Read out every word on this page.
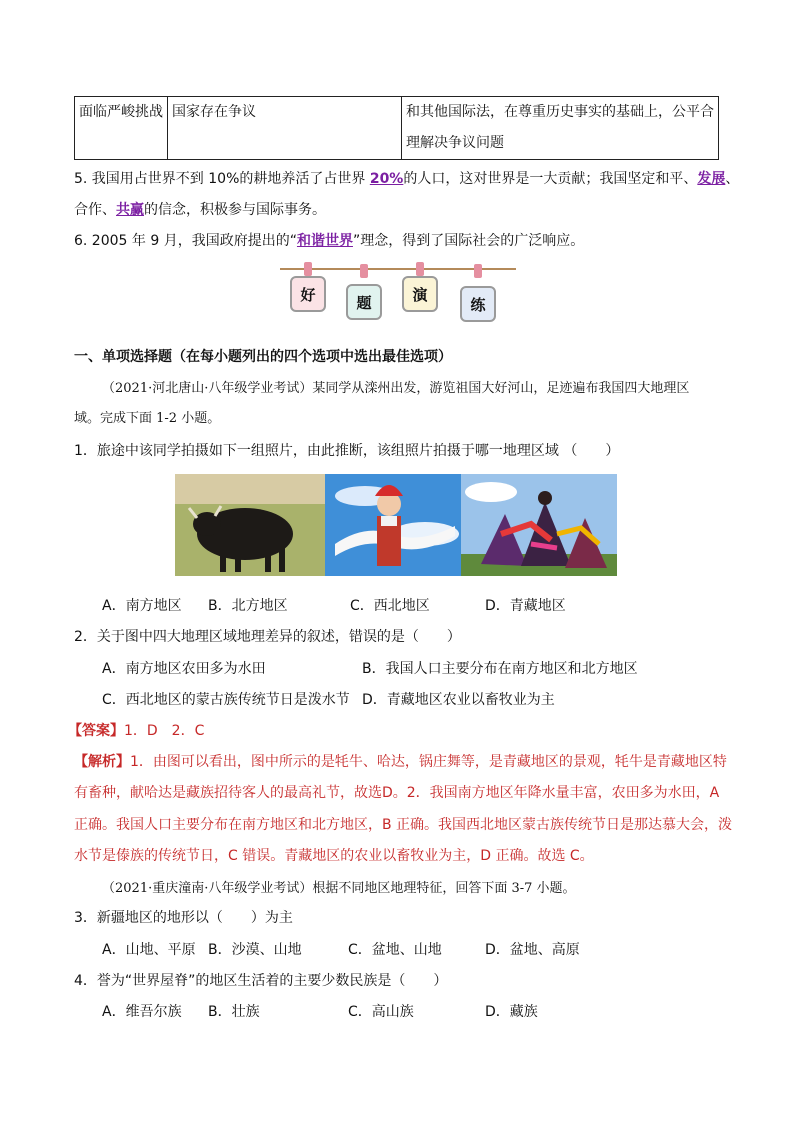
面临严峻挑战	国家存在争议	和其他国际法，在尊重历史事实的基础上，公平合
理解决争议问题
5. 我国用占世界不到 10%的耕地养活了占世界 20%的人口，这对世界是一大贡献；我国坚定和平、发展、
合作、共赢的信念，积极参与国际事务。
6. 2005 年 9 月，我国政府提出的“和谐世界”理念，得到了国际社会的广泛响应。
好	题	演
练
一、单项选择题（在每小题列出的四个选项中选出最佳选项）
（2021·河北唐山·八年级学业考试）某同学从滦州出发，游览祖国大好河山，足迹遍布我国四大地理区
域。完成下面 1-2 小题。
1．旅途中该同学拍摄如下一组照片，由此推断，该组照片拍摄于哪一地理区域 （　　）
A．南方地区 B．北方地区	C．西北地区	D．青藏地区
2．关于图中四大地理区域地理差异的叙述，错误的是（　　）
A．南方地区农田多为水田	B．我国人口主要分布在南方地区和北方地区
C．西北地区的蒙古族传统节日是泼水节 D．青藏地区农业以畜牧业为主
【答案】1．D　2．C
【解析】1．由图可以看出，图中所示的是牦牛、哈达，锅庄舞等，是青藏地区的景观，牦牛是青藏地区特
有畜种，献哈达是藏族招待客人的最高礼节，故选D。2．我国南方地区年降水量丰富，农田多为水田，A
正确。我国人口主要分布在南方地区和北方地区，B 正确。我国西北地区蒙古族传统节日是那达慕大会，泼
水节是傣族的传统节日，C 错误。青藏地区的农业以畜牧业为主，D 正确。故选 C。
（2021·重庆潼南·八年级学业考试）根据不同地区地理特征，回答下面 3-7 小题。
3．新疆地区的地形以（　　）为主
A．山地、平原 B．沙漠、山地	C．盆地、山地	D．盆地、高原
4．誉为“世界屋脊”的地区生活着的主要少数民族是（　　）
A．维吾尔族 B．壮族	C．高山族	D．藏族
